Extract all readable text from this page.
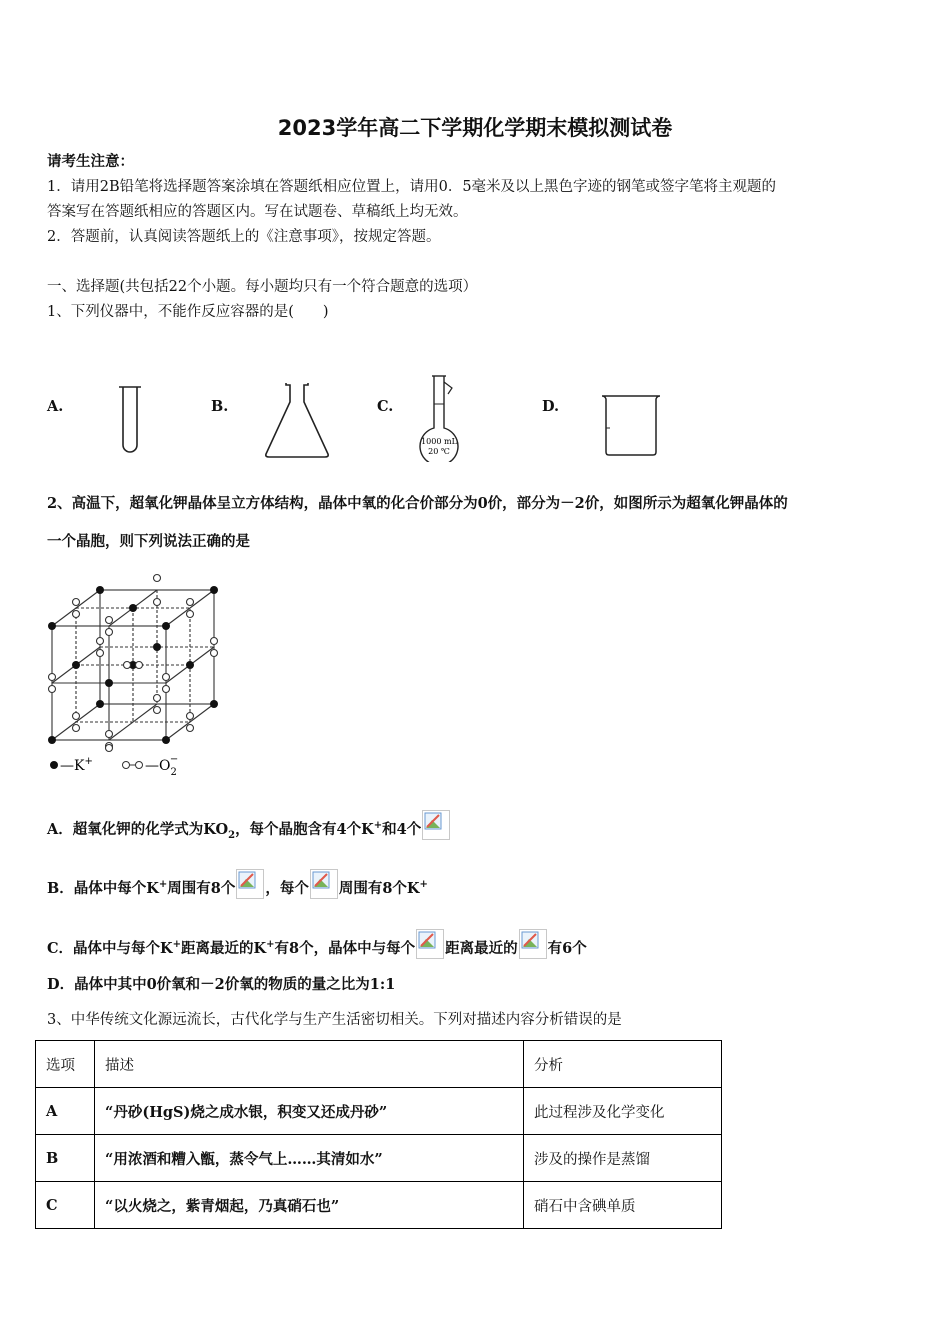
2023学年高二下学期化学期末模拟测试卷
请考生注意：
1．请用2B铅笔将选择题答案涂填在答题纸相应位置上，请用0．5毫米及以上黑色字迹的钢笔或签字笔将主观题的
答案写在答题纸相应的答题区内。写在试题卷、草稿纸上均无效。
2．答题前，认真阅读答题纸上的《注意事项》，按规定答题。
一、选择题(共包括22个小题。每小题均只有一个符合题意的选项）
1、下列仪器中，不能作反应容器的是(　　)
A.	B.	C.
1000 mL
20 ℃
D.
2、高温下，超氧化钾晶体呈立方体结构，晶体中氧的化合价部分为0价，部分为－2价，如图所示为超氧化钾晶体的
一个晶胞，则下列说法正确的是
—K+	$—O_2-$
A．超氧化钾的化学式为$KO_2$，每个晶胞含有4个K+和4个
B．晶体中每个K+周围有8个 ，每个 周围有8个K+
C．晶体中与每个K+距离最近的K+有8个，晶体中与每个 距离最近的 有6个
D．晶体中其中0价氧和－2价氧的物质的量之比为1:1
3、中华传统文化源远流长，古代化学与生产生活密切相关。下列对描述内容分析错误的是
选项	描述	分析
A	“丹砂(HgS)烧之成水银，积变又还成丹砂”	此过程涉及化学变化
B	“用浓酒和糟入甑，蒸令气上……其清如水”	涉及的操作是蒸馏
C	“以火烧之，紫青烟起，乃真硝石也”	硝石中含碘单质
